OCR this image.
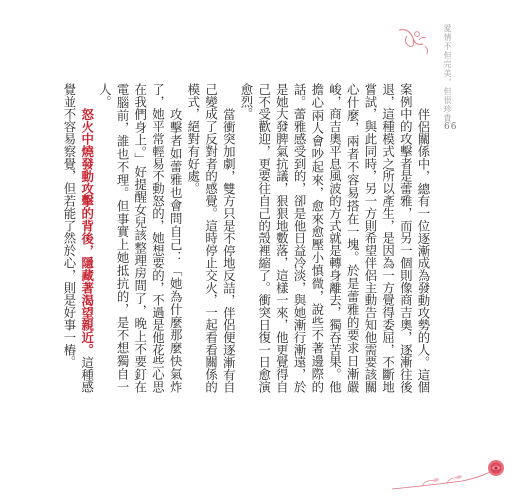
愛情不但完美，但很珍貴
66

伴侶關係中，總有一位逐漸成為發動攻勢的人。這個案例中的攻擊者是蕾雅，而另一個則像商吉奧，逐漸往後退，這種模式之所以產生，是因為一方覺得委屈，不斷地嘗試，與此同時，另一方則希望伴侶主動告知他需要該關心什麼，兩者不容易搭在一塊。於是蕾雅的要求日漸嚴峻，商吉奧平息風波的方式就是轉身離去，獨吞苦果。他擔心兩人會吵起來，愈來愈壓小慎微，說些不著邊際的話。蕾雅感受到的，卻是他日益冷淡，與她漸行漸遠，於是她大發脾氣抗議，狠狠地數落，這樣一來，他更覺得自己不受歡迎，更要往自己的殼裡縮了。衝突日復一日愈演愈烈。

當衝突加劇，雙方只是不停地反詰，伴侶便逐漸有自己變成了反對者的感覺。這時停止交火，一起看看關係的模式，絕對有好處。

攻擊者如蕾雅也會問自己：「她為什麼那麼快氣炸了，她平常輕易不動怒的，她想要的，不過是他花些心思在我們身上。」好提醒女兒該整理房間了，晚上不要釘在電腦前，誰也不理。但事實上她抵抗的，是不想獨自一人。

怒火中燒發動攻擊的背後，隱藏著渴望親近。這種感覺並不容易察覺，但若能了然於心，則是好事一樁。
